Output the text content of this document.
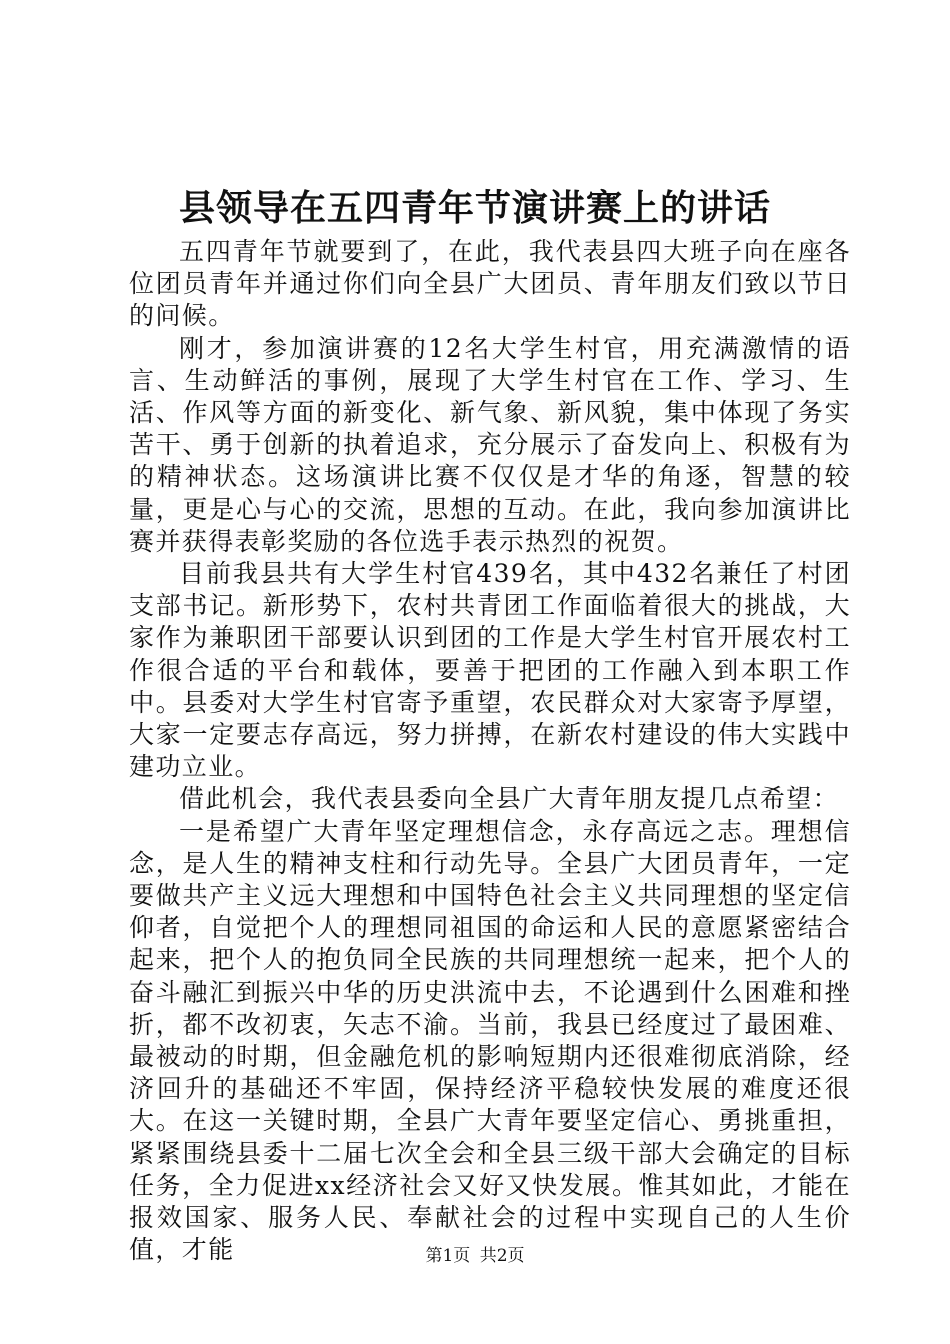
县领导在五四青年节演讲赛上的讲话

五四青年节就要到了，在此，我代表县四大班子向在座各位团员青年并通过你们向全县广大团员、青年朋友们致以节日的问候。

刚才，参加演讲赛的12名大学生村官，用充满激情的语言、生动鲜活的事例，展现了大学生村官在工作、学习、生活、作风等方面的新变化、新气象、新风貌，集中体现了务实苦干、勇于创新的执着追求，充分展示了奋发向上、积极有为的精神状态。这场演讲比赛不仅仅是才华的角逐，智慧的较量，更是心与心的交流，思想的互动。在此，我向参加演讲比赛并获得表彰奖励的各位选手表示热烈的祝贺。

目前我县共有大学生村官439名，其中432名兼任了村团支部书记。新形势下，农村共青团工作面临着很大的挑战，大家作为兼职团干部要认识到团的工作是大学生村官开展农村工作很合适的平台和载体，要善于把团的工作融入到本职工作中。县委对大学生村官寄予重望，农民群众对大家寄予厚望，大家一定要志存高远，努力拼搏，在新农村建设的伟大实践中建功立业。

借此机会，我代表县委向全县广大青年朋友提几点希望：

一是希望广大青年坚定理想信念，永存高远之志。理想信念，是人生的精神支柱和行动先导。全县广大团员青年，一定要做共产主义远大理想和中国特色社会主义共同理想的坚定信仰者，自觉把个人的理想同祖国的命运和人民的意愿紧密结合起来，把个人的抱负同全民族的共同理想统一起来，把个人的奋斗融汇到振兴中华的历史洪流中去，不论遇到什么困难和挫折，都不改初衷，矢志不渝。当前，我县已经度过了最困难、最被动的时期，但金融危机的影响短期内还很难彻底消除，经济回升的基础还不牢固，保持经济平稳较快发展的难度还很大。在这一关键时期，全县广大青年要坚定信心、勇挑重担，紧紧围绕县委十二届七次全会和全县三级干部大会确定的目标任务，全力促进xx经济社会又好又快发展。惟其如此，才能在报效国家、服务人民、奉献社会的过程中实现自己的人生价值，才能	第1页 共2页
